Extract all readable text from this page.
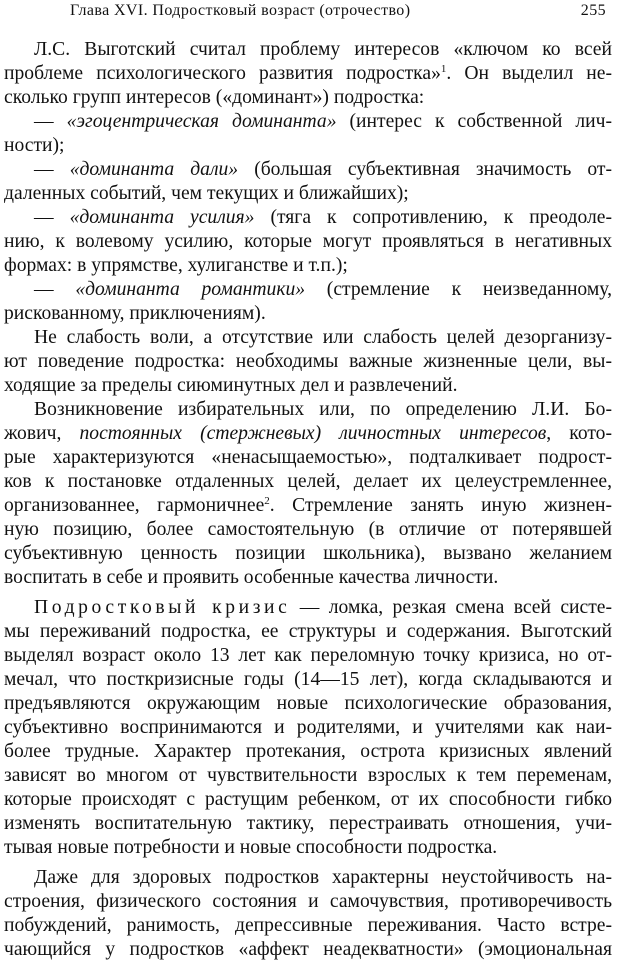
Глава XVI. Подростковый возраст (отрочество)	255
Л.С. Выготский считал проблему интересов «ключом ко всей
проблеме психологического развития подростка»$^1$. Он выделил не-
сколько групп интересов («доминант») подростка:
— «эгоцентрическая доминанта» (интерес к собственной лич-
ности);
— «доминанта дали» (большая субъективная значимость от-
даленных событий, чем текущих и ближайших);
— «доминанта усилия» (тяга к сопротивлению, к преодоле-
нию, к волевому усилию, которые могут проявляться в негативных
формах: в упрямстве, хулиганстве и т.п.);
— «доминанта романтики» (стремление к неизведанному,
рискованному, приключениям).
Не слабость воли, а отсутствие или слабость целей дезорганизу-
ют поведение подростка: необходимы важные жизненные цели, вы-
ходящие за пределы сиюминутных дел и развлечений.
Возникновение избирательных или, по определению Л.И. Бо-
жович, постоянных (стержневых) личностных интересов, кото-
рые характеризуются «ненасыщаемостью», подталкивает подрост-
ков к постановке отдаленных целей, делает их целеустремленнее,
организованнее, гармоничнее$^2$. Стремление занять иную жизнен-
ную позицию, более самостоятельную (в отличие от потерявшей
субъективную ценность позиции школьника), вызвано желанием
воспитать в себе и проявить особенные качества личности.
Подростковый кризис — ломка, резкая смена всей систе-
мы переживаний подростка, ее структуры и содержания. Выготский
выделял возраст около 13 лет как переломную точку кризиса, но от-
мечал, что посткризисные годы (14—15 лет), когда складываются и
предъявляются окружающим новые психологические образования,
субъективно воспринимаются и родителями, и учителями как наи-
более трудные. Характер протекания, острота кризисных явлений
зависят во многом от чувствительности взрослых к тем переменам,
которые происходят с растущим ребенком, от их способности гибко
изменять воспитательную тактику, перестраивать отношения, учи-
тывая новые потребности и новые способности подростка.
Даже для здоровых подростков характерны неустойчивость на-
строения, физического состояния и самочувствия, противоречивость
побуждений, ранимость, депрессивные переживания. Часто встре-
чающийся у подростков «аффект неадекватности» (эмоциональная
